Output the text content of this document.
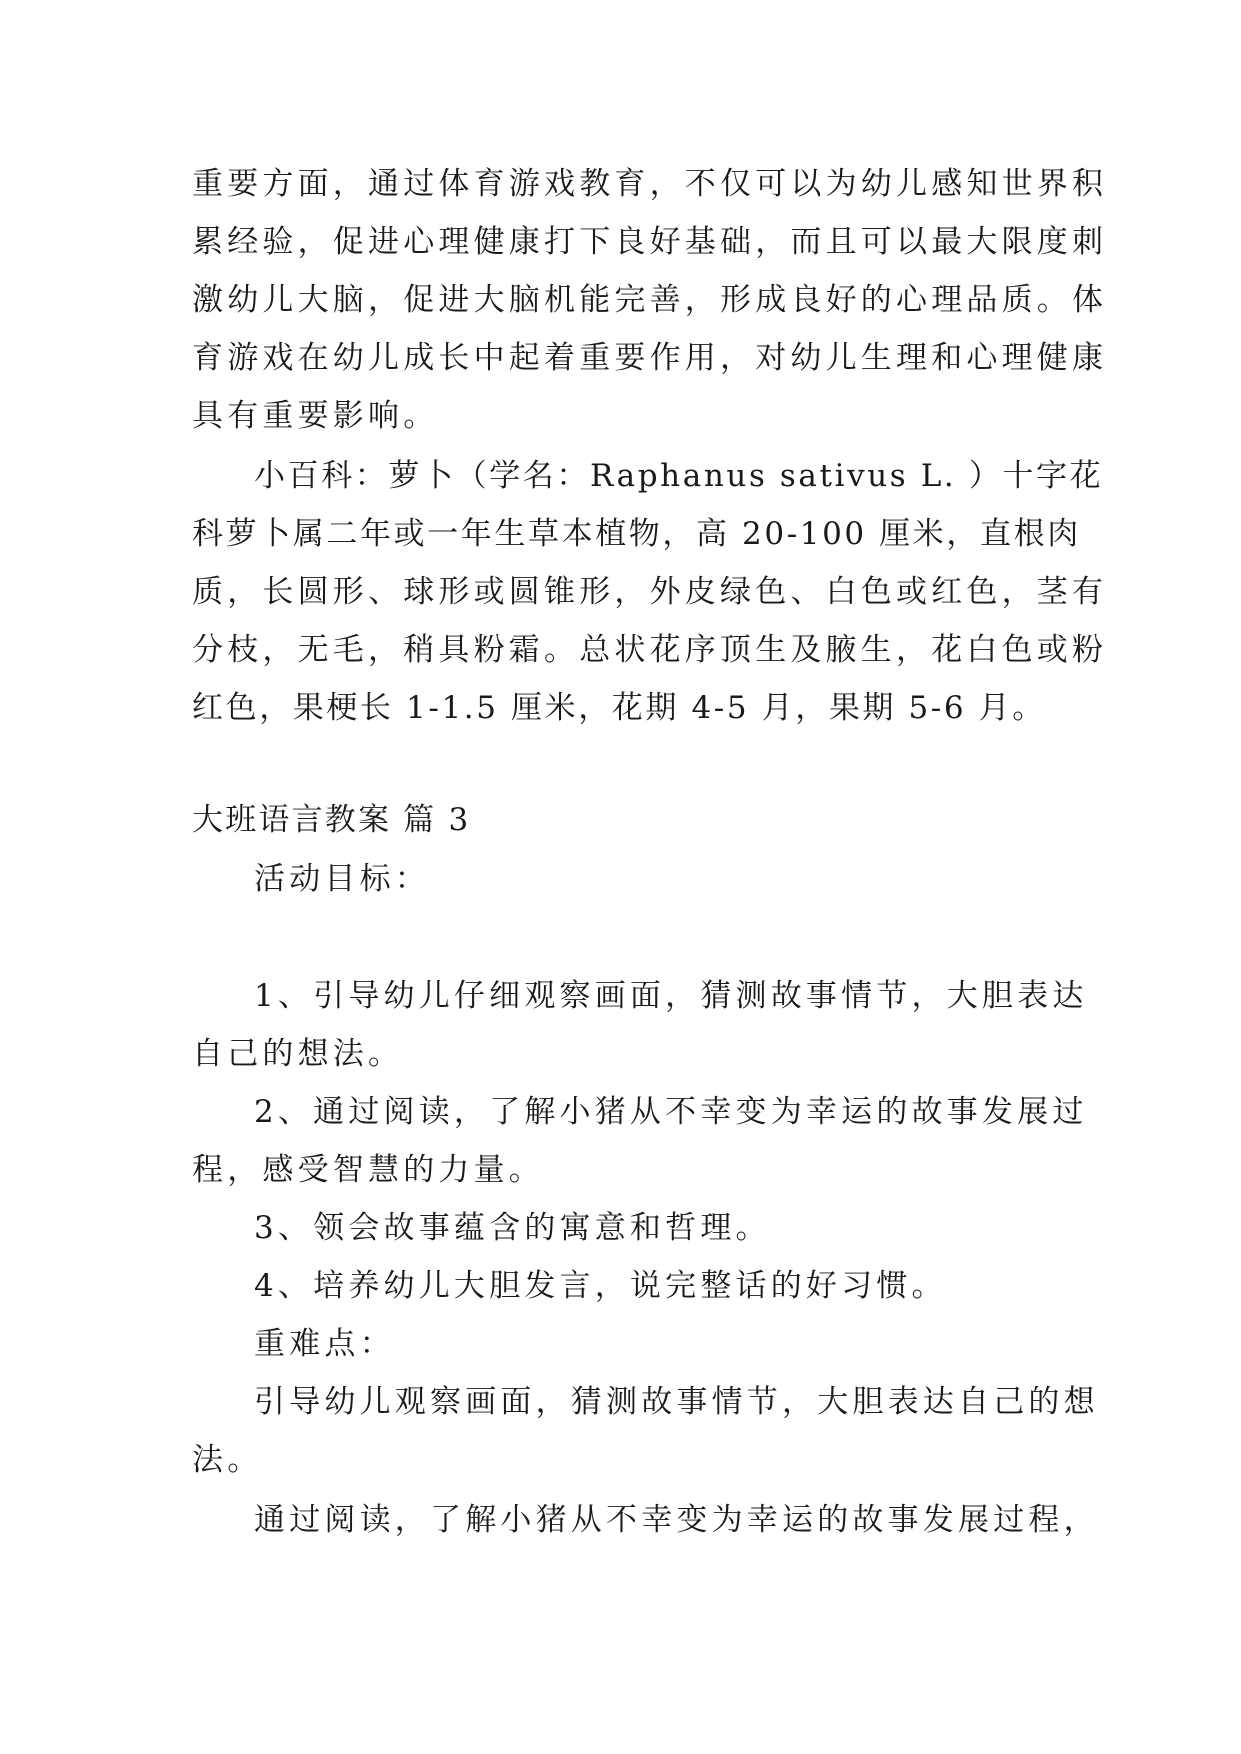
重要方面，通过体育游戏教育，不仅可以为幼儿感知世界积
累经验，促进心理健康打下良好基础，而且可以最大限度刺
激幼儿大脑，促进大脑机能完善，形成良好的心理品质。体
育游戏在幼儿成长中起着重要作用，对幼儿生理和心理健康
具有重要影响。
小百科：萝卜（学名：Raphanus sativus L. ）十字花
科萝卜属二年或一年生草本植物，高 20-100 厘米，直根肉
质，长圆形、球形或圆锥形，外皮绿色、白色或红色，茎有
分枝，无毛，稍具粉霜。总状花序顶生及腋生，花白色或粉
红色，果梗长 1-1.5 厘米，花期 4-5 月，果期 5-6 月。
大班语言教案 篇 3
活动目标：
1、引导幼儿仔细观察画面，猜测故事情节，大胆表达
自己的想法。
2、通过阅读，了解小猪从不幸变为幸运的故事发展过
程，感受智慧的力量。
3、领会故事蕴含的寓意和哲理。
4、培养幼儿大胆发言，说完整话的好习惯。
重难点：
引导幼儿观察画面，猜测故事情节，大胆表达自己的想
法。
通过阅读，了解小猪从不幸变为幸运的故事发展过程，
